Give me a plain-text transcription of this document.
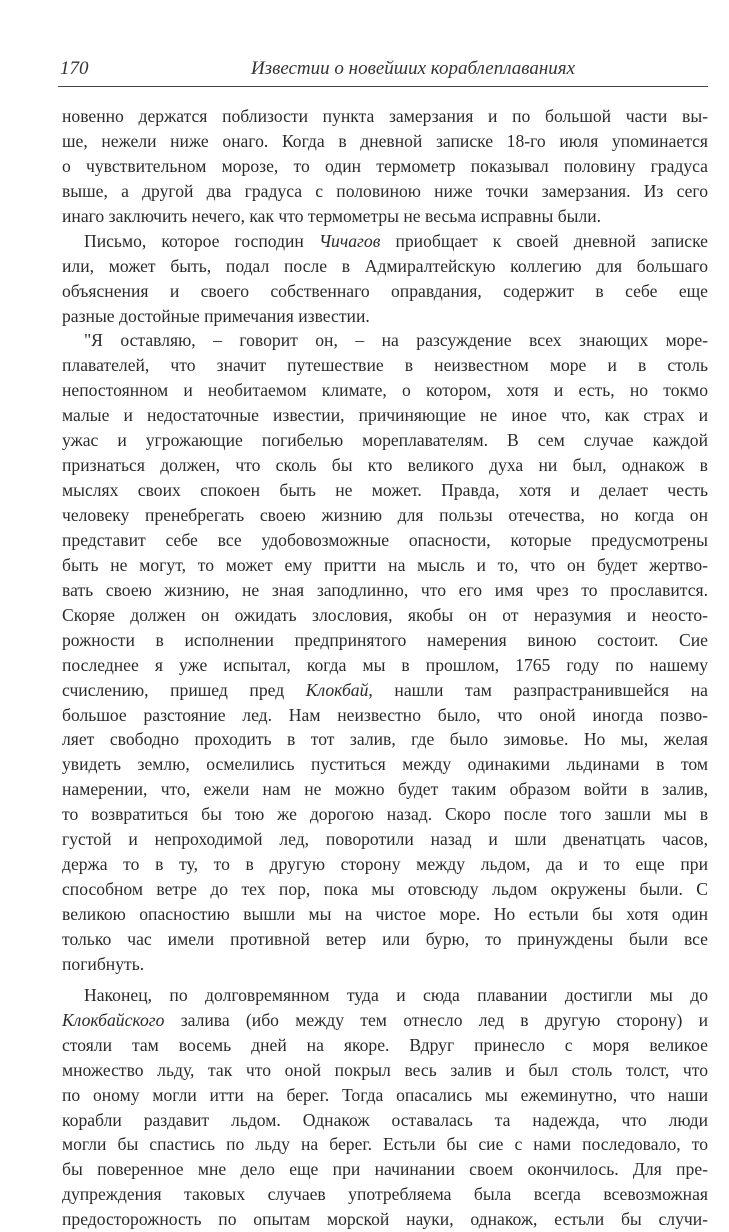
170	Известии о новейших кораблеплаваниях
новенно держатся поблизости пункта замерзания и по большой части вы-
ше, нежели ниже онаго. Когда в дневной записке 18-го июля упоминается
о чувствительном морозе, то один термометр показывал половину градуса
выше, а другой два градуса с половиною ниже точки замерзания. Из сего
инаго заключить нечего, как что термометры не весьма исправны были.
Письмо, которое господин Чичагов приобщает к своей дневной записке
или, может быть, подал после в Адмиралтейскую коллегию для большаго
объяснения и своего собственнаго оправдания, содержит в себе еще
разные достойные примечания известии.
"Я оставляю, – говорит он, – на разсуждение всех знающих море-
плавателей, что значит путешествие в неизвестном море и в столь
непостоянном и необитаемом климате, о котором, хотя и есть, но токмо
малые и недостаточные известии, причиняющие не иное что, как страх и
ужас и угрожающие погибелью мореплавателям. В сем случае каждой
признаться должен, что сколь бы кто великого духа ни был, однакож в
мыслях своих спокоен быть не может. Правда, хотя и делает честь
человеку пренебрегать своею жизнию для пользы отечества, но когда он
представит себе все удобовозможные опасности, которые предусмотрены
быть не могут, то может ему притти на мысль и то, что он будет жертво-
вать своею жизнию, не зная заподлинно, что его имя чрез то прославится.
Скоряе должен он ожидать злословия, якобы он от неразумия и неосто-
рожности в исполнении предпринятого намерения виною состоит. Сие
последнее я уже испытал, когда мы в прошлом, 1765 году по нашему
счислению, пришед пред Клокбай, нашли там разпрастранившейся на
большое разстояние лед. Нам неизвестно было, что оной иногда позво-
ляет свободно проходить в тот залив, где было зимовье. Но мы, желая
увидеть землю, осмелились пуститься между одинакими льдинами в том
намерении, что, ежели нам не можно будет таким образом войти в залив,
то возвратиться бы тою же дорогою назад. Скоро после того зашли мы в
густой и непроходимой лед, поворотили назад и шли двенатцать часов,
держа то в ту, то в другую сторону между льдом, да и то еще при
способном ветре до тех пор, пока мы отовсюду льдом окружены были. С
великою опасностию вышли мы на чистое море. Но естьли бы хотя один
только час имели противной ветер или бурю, то принуждены были все
погибнуть.
Наконец, по долговремянном туда и сюда плавании достигли мы до
Клокбайского залива (ибо между тем отнесло лед в другую сторону) и
стояли там восемь дней на якоре. Вдруг принесло с моря великое
множество льду, так что оной покрыл весь залив и был столь толст, что
по оному могли итти на берег. Тогда опасались мы ежеминутно, что наши
корабли раздавит льдом. Однакож оставалась та надежда, что люди
могли бы спастись по льду на берег. Естьли бы сие с нами последовало, то
бы поверенное мне дело еще при начинании своем окончилось. Для пре-
дупреждения таковых случаев употребляема была всегда всевозможная
предосторожность по опытам морской науки, однакож, естьли бы случи-
